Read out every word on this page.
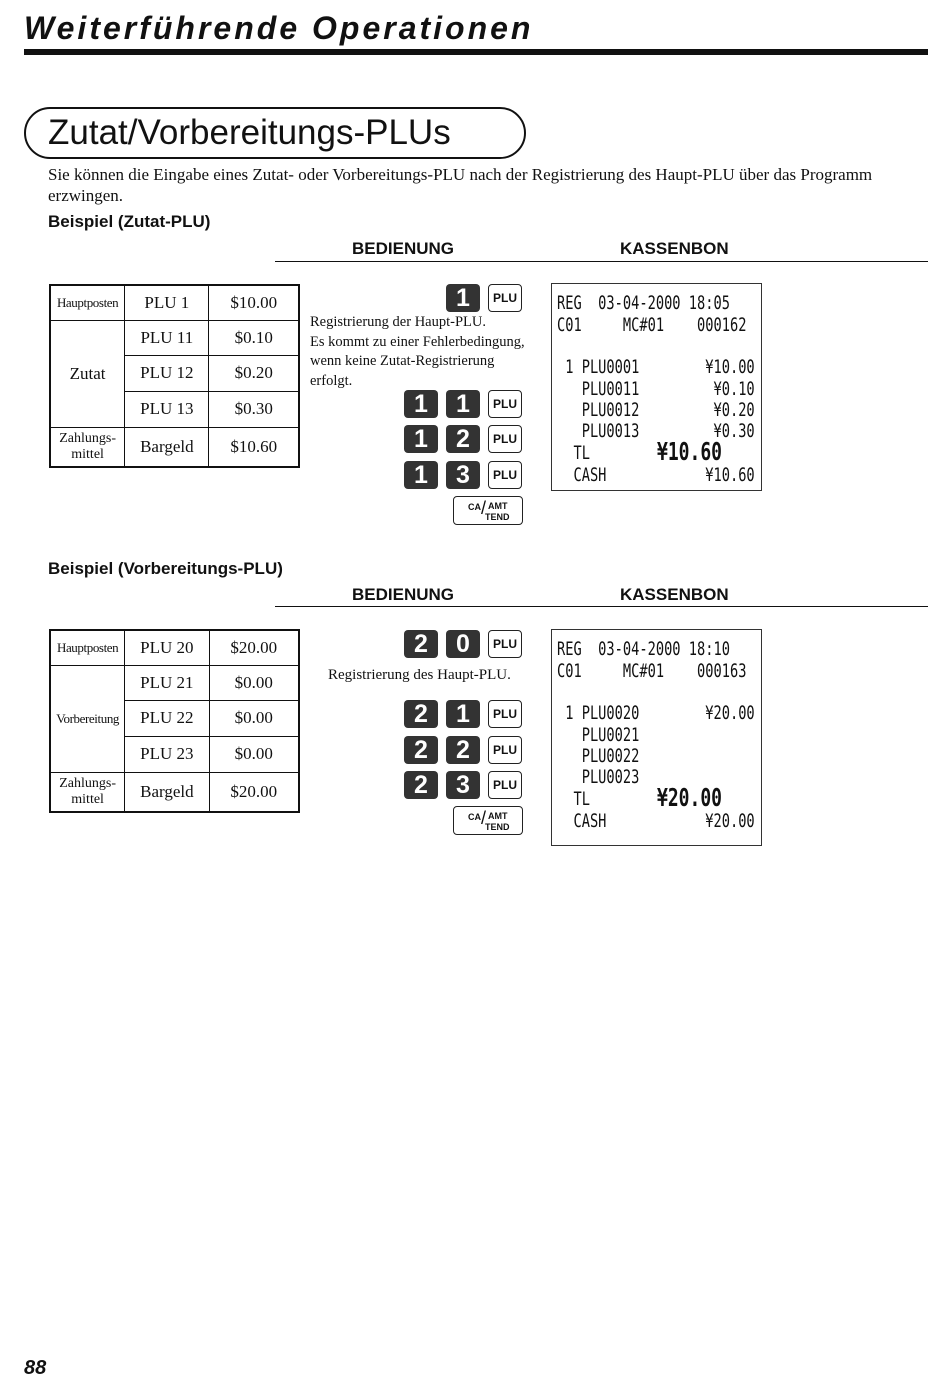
Weiterführende Operationen
Zutat/Vorbereitungs-PLUs
Sie können die Eingabe eines Zutat- oder Vorbereitungs-PLU nach der Registrierung des Haupt-PLU über das Programm erzwingen.
Beispiel (Zutat-PLU)
BEDIENUNG	KASSENBON
Hauptposten	PLU 1	$10.00
Zutat	PLU 11	$0.10
	PLU 12	$0.20
	PLU 13	$0.30
Zahlungs-
mittel	Bargeld	$10.60
1	PLU
Registrierung der Haupt-PLU.
Es kommt zu einer Fehlerbedingung,
wenn keine Zutat-Registrierung
erfolgt.
1	1	PLU
1	2	PLU
1	3	PLU
CA / AMT
TEND
REG  03-04-2000 18:05
C01     MC#01    000162
1 PLU0001        ¥10.00
PLU0011         ¥0.10
PLU0012         ¥0.20
PLU0013         ¥0.30
TL	¥10.60
CASH            ¥10.60
Beispiel (Vorbereitungs-PLU)
BEDIENUNG	KASSENBON
Hauptposten	PLU 20	$20.00
Vorbereitung	PLU 21	$0.00
	PLU 22	$0.00
	PLU 23	$0.00
Zahlungs-
mittel	Bargeld	$20.00
2	0	PLU
Registrierung des Haupt-PLU.
2	1	PLU
2	2	PLU
2	3	PLU
CA / AMT
TEND
REG  03-04-2000 18:10
C01     MC#01    000163
1 PLU0020        ¥20.00
PLU0021
PLU0022
PLU0023
TL	¥20.00
CASH            ¥20.00
88
